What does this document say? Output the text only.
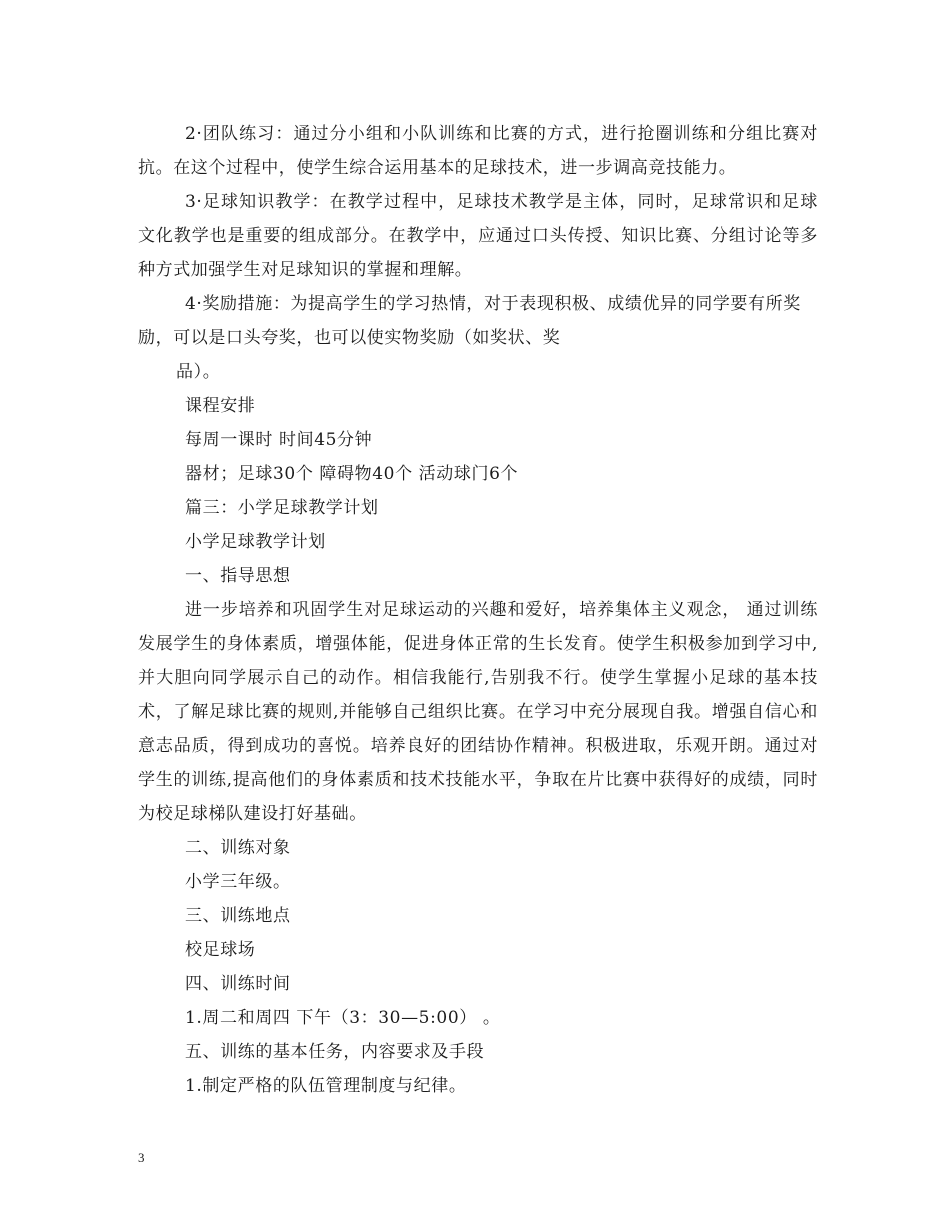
2·团队练习：通过分小组和小队训练和比赛的方式，进行抢圈训练和分组比赛对抗。在这个过程中，使学生综合运用基本的足球技术，进一步调高竞技能力。

3·足球知识教学：在教学过程中，足球技术教学是主体，同时，足球常识和足球文化教学也是重要的组成部分。在教学中，应通过口头传授、知识比赛、分组讨论等多种方式加强学生对足球知识的掌握和理解。

4·奖励措施：为提高学生的学习热情，对于表现积极、成绩优异的同学要有所奖励，可以是口头夸奖，也可以使实物奖励（如奖状、奖

品）。

课程安排

每周一课时 时间45分钟

器材；足球30个 障碍物40个 活动球门6个

篇三：小学足球教学计划

小学足球教学计划

一、指导思想

进一步培养和巩固学生对足球运动的兴趣和爱好，培养集体主义观念， 通过训练发展学生的身体素质，增强体能，促进身体正常的生长发育。使学生积极参加到学习中,并大胆向同学展示自己的动作。相信我能行,告别我不行。使学生掌握小足球的基本技术，了解足球比赛的规则,并能够自己组织比赛。在学习中充分展现自我。增强自信心和意志品质，得到成功的喜悦。培养良好的团结协作精神。积极进取，乐观开朗。通过对学生的训练,提高他们的身体素质和技术技能水平，争取在片比赛中获得好的成绩，同时为校足球梯队建设打好基础。

二、训练对象

小学三年级。

三、训练地点

校足球场

四、训练时间

1.周二和周四 下午（3：30—5:00） 。

五、训练的基本任务，内容要求及手段

1.制定严格的队伍管理制度与纪律。

3
